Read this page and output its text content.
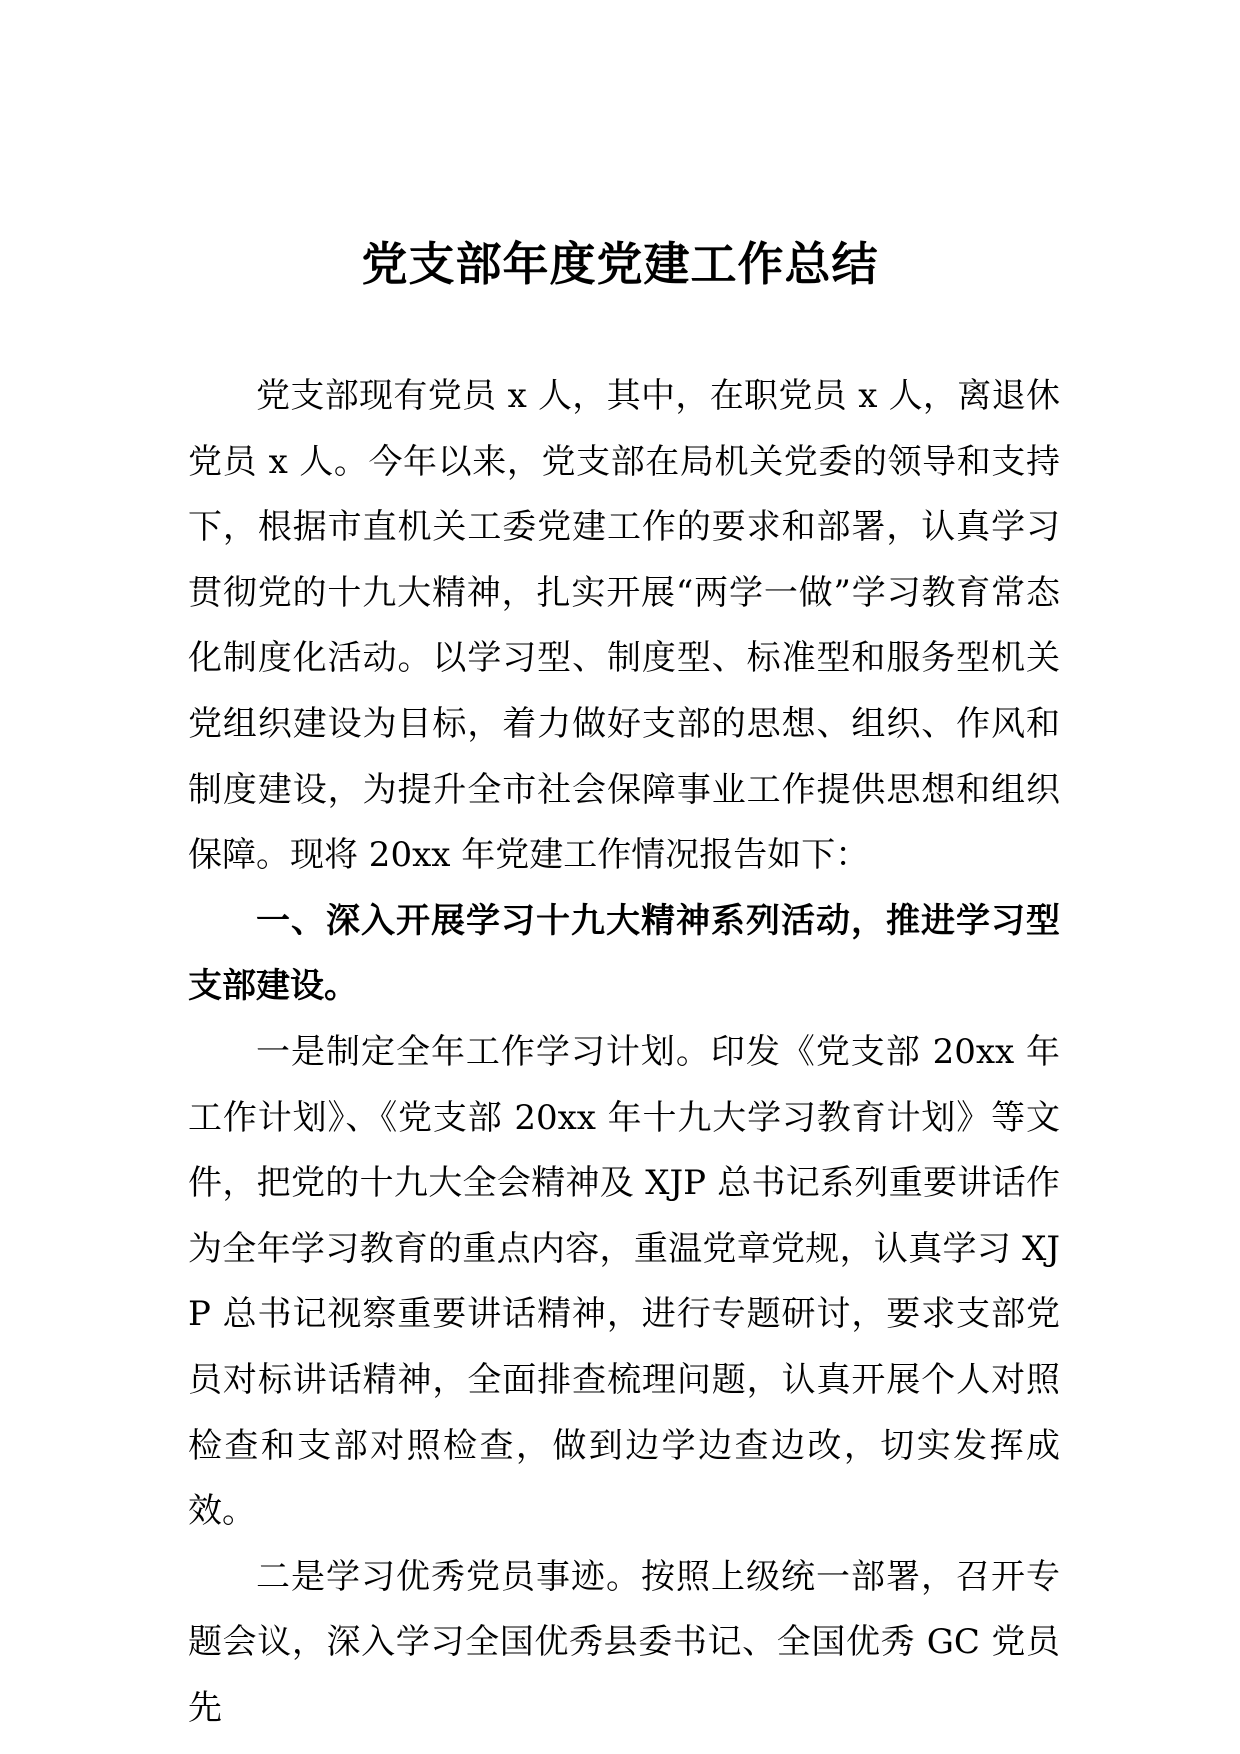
党支部年度党建工作总结

党支部现有党员 x 人，其中，在职党员 x 人，离退休党员 x 人。今年以来，党支部在局机关党委的领导和支持下，根据市直机关工委党建工作的要求和部署，认真学习贯彻党的十九大精神，扎实开展“两学一做”学习教育常态化制度化活动。以学习型、制度型、标准型和服务型机关党组织建设为目标，着力做好支部的思想、组织、作风和制度建设，为提升全市社会保障事业工作提供思想和组织保障。现将 20xx 年党建工作情况报告如下：

一、深入开展学习十九大精神系列活动，推进学习型支部建设。

一是制定全年工作学习计划。印发《党支部 20xx 年工作计划》、《党支部 20xx 年十九大学习教育计划》等文件，把党的十九大全会精神及 XJP 总书记系列重要讲话作为全年学习教育的重点内容，重温党章党规，认真学习 XJP 总书记视察重要讲话精神，进行专题研讨，要求支部党员对标讲话精神，全面排查梳理问题，认真开展个人对照检查和支部对照检查，做到边学边查边改，切实发挥成效。

二是学习优秀党员事迹。按照上级统一部署，召开专题会议，深入学习全国优秀县委书记、全国优秀 GC 党员先
